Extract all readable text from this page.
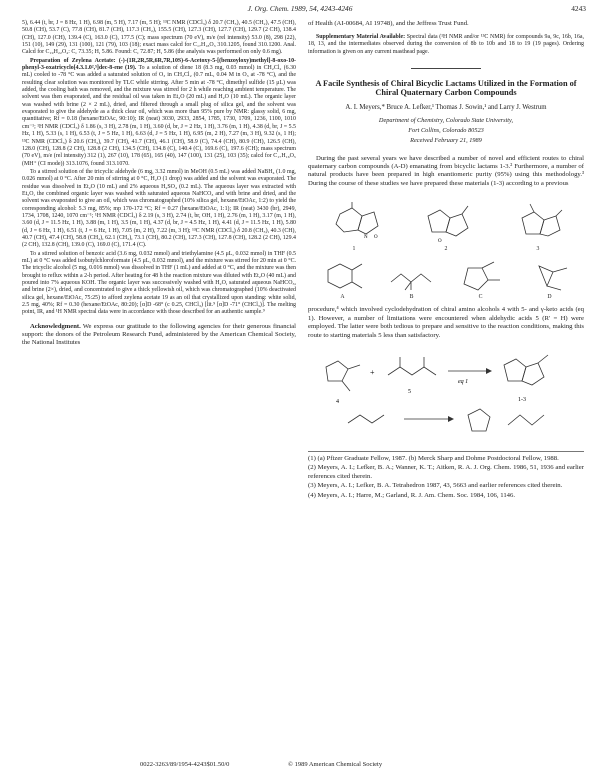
J. Org. Chem. 1989, 54, 4243-4246	4243

5), 6.44 (t, br, J = 8 Hz, 1 H), 6.98 (m, 5 H), 7.17 (m, 5 H); ¹³C NMR (CDCl₃) δ 20.7 (CH₃), 40.5 (CH₂), 47.5 (CH), 50.8 (CH), 53.7 (C), 77.8 (CH), 81.7 (CH), 117.3 (CH₂), 155.5 (CH), 127.3 (CH), 127.7 (CH), 129.7 (2 CH), 138.4 (CH), 127.0 (CH), 139.4 (C), 163.0 (C), 177.5 (C); mass spectrum (70 eV), m/e (rel intensity) 53.0 (8), 298 (22), 151 (10), 149 (29), 131 (100), 121 (79), 103 (18); exact mass calcd for C₁₇H₁₈O₃ 310.1205, found 310.1200. Anal. Calcd for C₁₉H₂₂O₄: C, 73.35; H, 5.86. Found: C, 72.87; H, 5.86 (the analysis was performed on only 0.6 mg).

Preparation of Zeylena Acetate: (-)-(1R,2R,5R,6R,7R,10S)-6-Acetoxy-5-[(benzoyloxy)methyl]-8-oxo-10-phenyl-3-oxatricyclo[4.3.1.0²,⁵]dec-8-ene (19). To a solution of diene 18 (8.3 mg, 0.03 mmol) in CH₂Cl₂ (6.30 mL) cooled to -78 °C was added a saturated solution of O₃ in CH₂Cl₂ (0.7 mL, 0.04 M in O₃ at -78 °C), and the resulting clear solution was monitored by TLC while stirring. After 5 min at -78 °C, dimethyl sulfide (15 μL) was added, the cooling bath was removed, and the mixture was stirred for 2 h while reaching ambient temperature. The solvent was then evaporated, and the residual oil was taken in Et₂O (20 mL) and H₂O (10 mL). The organic layer was washed with brine (2 × 2 mL), dried, and filtered through a small plug of silica gel, and the solvent was evaporated to give the aldehyde as a thick clear oil, which was more than 95% pure by NMR: glassy solid, 6 mg, quantitative; Rf = 0.18 (hexane/EtOAc, 90:10); IR (neat) 3030, 2933, 2854, 1785, 1730, 1709, 1236, 1100, 1010 cm⁻¹; ¹H NMR (CDCl₃) δ 1.86 (s, 3 H), 2.78 (m, 1 H), 3.60 (d, br, J = 2 Hz, 1 H), 3.76 (m, 1 H), 4.38 (d, br, J = 5.5 Hz, 1 H), 5.33 (s, 1 H), 6.53 (t, J = 5 Hz, 1 H), 6.63 (d, J = 5 Hz, 1 H), 6.95 (m, 2 H), 7.27 (m, 3 H), 9.32 (s, 1 H); ¹³C NMR (CDCl₃) δ 20.6 (CH₃), 39.7 (CH), 41.7 (CH), 46.1 (CH), 58.9 (C), 74.4 (CH), 80.9 (CH), 126.5 (CH), 128.0 (CH), 128.8 (2 CH), 128.8 (2 CH), 134.5 (CH), 134.8 (C), 140.4 (C), 169.6 (C), 197.6 (CH); mass spectrum (70 eV), m/e (rel intensity) 312 (1), 267 (10), 178 (65), 165 (40), 147 (100), 131 (25), 103 (35); calcd for C₁₇H₁₆O₅ (MH⁺ (CI mode)) 313.1076, found 313.1070.

To a stirred solution of the tricyclic aldehyde (6 mg, 3.32 mmol) in MeOH (0.5 mL) was added NaBH₄ (1.0 mg, 0.026 mmol) at 0 °C. After 20 min of stirring at 0 °C, H₂O (1 drop) was added and the solvent was evaporated. The residue was dissolved in Et₂O (10 mL) and 2% aqueous H₂SO₄ (0.2 mL). The aqueous layer was extracted with Et₂O, the combined organic layer was washed with saturated aqueous NaHCO₃ and with brine and dried, and the solvent was evaporated to give an oil, which was chromatographed (10% silica gel, hexane/EtOAc, 1:2) to yield the corresponding alcohol: 5.3 mg, 85%; mp 170-172 °C; Rf = 0.27 (hexane/EtOAc, 1:1); IR (neat) 3430 (br), 2949, 1734, 1708, 1240, 1070 cm⁻¹; ¹H NMR (CDCl₃) δ 2.19 (s, 3 H), 2.74 (t, br, OH, 1 H), 2.76 (m, 1 H), 3.17 (m, 1 H), 3.60 (d, J = 11.5 Hz, 1 H), 3.88 (m, 1 H), 3.5 (m, 1 H), 4.37 (d, br, J = 4.5 Hz, 1 H), 4.41 (d, J = 11.5 Hz, 1 H), 5.80 (d, J = 6 Hz, 1 H), 6.51 (t, J = 6 Hz, 1 H), 7.05 (m, 2 H), 7.22 (m, 3 H); ¹³C NMR (CDCl₃) δ 20.8 (CH₃), 40.3 (CH), 40.7 (CH), 47.4 (CH), 58.8 (CH₂), 62.1 (CH₂), 73.1 (CH), 80.2 (CH), 127.3 (CH), 127.8 (CH), 128.2 (2 CH), 129.4 (2 CH), 132.8 (CH), 139.0 (C), 169.0 (C), 171.4 (C).

To a stirred solution of benzoic acid (3.6 mg, 0.032 mmol) and triethylamine (4.5 μL, 0.032 mmol) in THF (0.5 mL) at 0 °C was added isobutylchloroformate (4.5 μL, 0.032 mmol), and the mixture was stirred for 20 min at 0 °C. The tricyclic alcohol (5 mg, 0.016 mmol) was dissolved in THF (1 mL) and added at 0 °C, and the mixture was then brought to reflux within a 2-h period. After heating for 48 h the reaction mixture was diluted with Et₂O (40 mL) and poured into 7% aqueous KOH. The organic layer was successively washed with H₂O, saturated aqueous NaHCO₃, and brine (2×), dried, and concentrated to give a thick yellowish oil, which was chromatographed (10% deactivated silica gel, hexane/EtOAc, 75:25) to afford zeylena acetate 19 as an oil that crystallized upon standing: white solid, 2.5 mg, 40%; Rf = 0.30 (hexane/EtOAc, 80:20); [α]D -68° (c 0.25, CHCl₃) [lit.⁹ [α]D -71° (CHCl₃)]. The melting point, IR, and ¹H NMR spectral data were in accordance with those described for an authentic sample.⁹

Acknowledgment. We express our gratitude to the following agencies for their generous financial support: the donors of the Petroleum Research Fund, administered by the American Chemical Society, the National Institutes

of Health (AI-00684, AI 19748), and the Jeffress Trust Fund.

Supplementary Material Available: Spectral data (¹H NMR and/or ¹³C NMR) for compounds 9a, 9c, 16b, 16a, 18, 13, and the intermediates observed during the conversion of 8b to 10b and 18 to 19 (19 pages). Ordering information is given on any current masthead page.

A Facile Synthesis of Chiral Bicyclic Lactams Utilized in the Formation of Chiral Quaternary Carbon Compounds
A. I. Meyers,* Bruce A. Lefker,¹ Thomas J. Sowin,¹ and Larry J. Westrum
Department of Chemistry, Colorado State University,
Fort Collins, Colorado 80523
Received February 21, 1989

During the past several years we have described a number of novel and efficient routes to chiral quaternary carbon compounds (A-D) emanating from bicyclic lactams 1-3.² Furthermore, a number of natural products have been prepared in high enantiomeric purity (95%) using this methodology.³ During the course of these studies we have prepared these materials (1-3) according to a previous

N O
1
O
2	3
A	B	C	D

procedure,⁴ which involved cyclodehydration of chiral amino alcohols 4 with 5- and γ-keto acids (eq 1). However, a number of limitations were encountered when aldehydic acids 5 (R' = H) were employed. The latter were both tedious to prepare and sensitive to the reaction conditions, making this route to starting materials 5 less than satisfactory.

4
+
5
eq 1
1-3

(1) (a) Pfizer Graduate Fellow, 1987. (b) Merck Sharp and Dohme Postdoctoral Fellow, 1988.

(2) Meyers, A. I.; Lefker, B. A.; Wanner, K. T.; Aitken, R. A. J. Org. Chem. 1986, 51, 1936 and earlier references cited therein.

(3) Meyers, A. I.; Lefker, B. A. Tetrahedron 1987, 43, 5663 and earlier references cited therein.

(4) Meyers, A. I.; Harre, M.; Garland, R. J. Am. Chem. Soc. 1984, 106, 1146.

0022-3263/89/1954-4243$01.50/0	© 1989 American Chemical Society
